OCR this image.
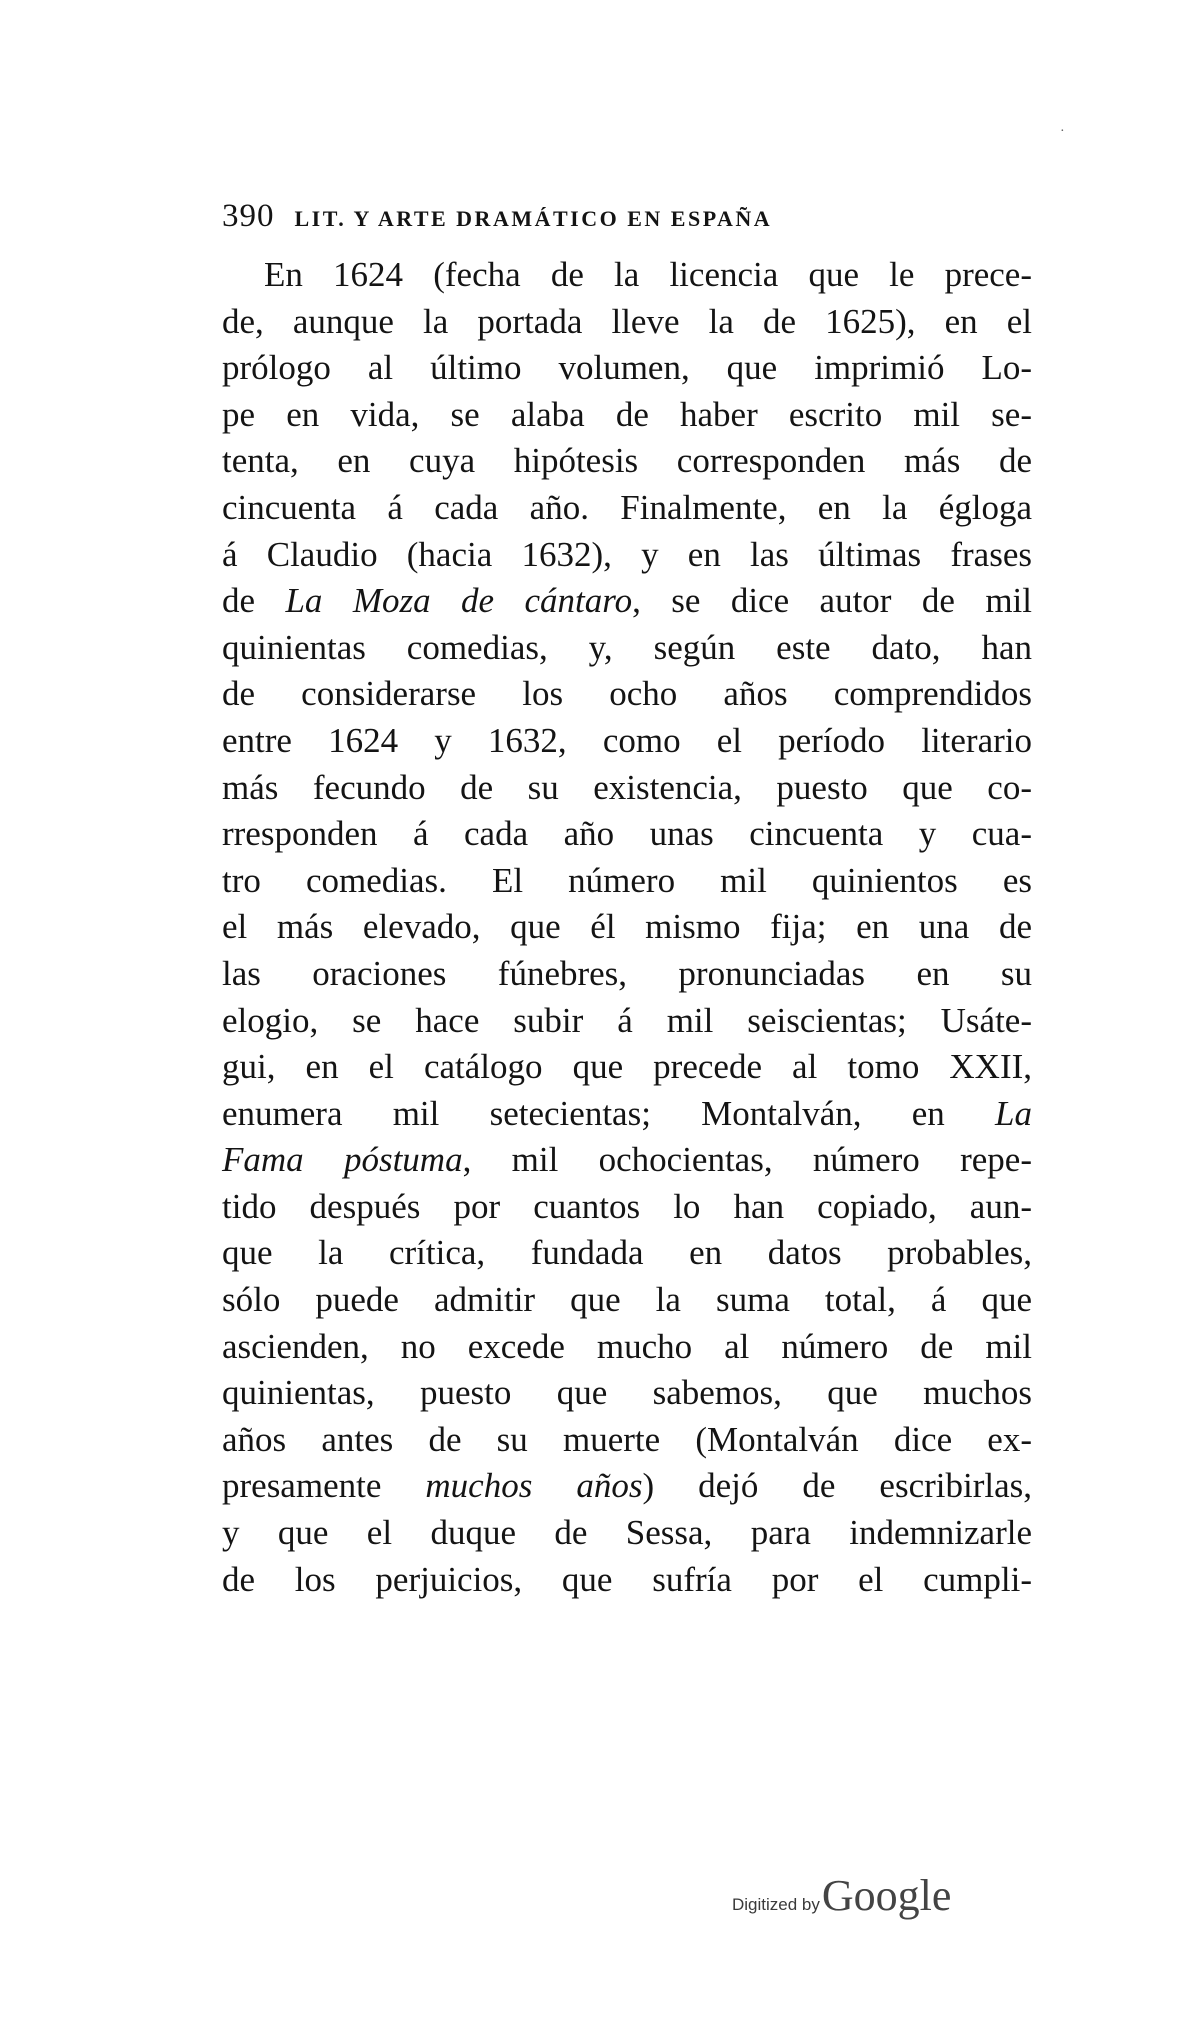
·
390 LIT. Y ARTE DRAMÁTICO EN ESPAÑA
En 1624 (fecha de la licencia que le prece-
de, aunque la portada lleve la de 1625), en el
prólogo al último volumen, que imprimió Lo-
pe en vida, se alaba de haber escrito mil se-
tenta, en cuya hipótesis corresponden más de
cincuenta á cada año. Finalmente, en la égloga
á Claudio (hacia 1632), y en las últimas frases
de La Moza de cántaro, se dice autor de mil
quinientas comedias, y, según este dato, han
de considerarse los ocho años comprendidos
entre 1624 y 1632, como el período literario
más fecundo de su existencia, puesto que co-
rresponden á cada año unas cincuenta y cua-
tro comedias. El número mil quinientos es
el más elevado, que él mismo fija; en una de
las oraciones fúnebres, pronunciadas en su
elogio, se hace subir á mil seiscientas; Usáte-
gui, en el catálogo que precede al tomo XXII,
enumera mil setecientas; Montalván, en La
Fama póstuma, mil ochocientas, número repe-
tido después por cuantos lo han copiado, aun-
que la crítica, fundada en datos probables,
sólo puede admitir que la suma total, á que
ascienden, no excede mucho al número de mil
quinientas, puesto que sabemos, que muchos
años antes de su muerte (Montalván dice ex-
presamente muchos años) dejó de escribirlas,
y que el duque de Sessa, para indemnizarle
de los perjuicios, que sufría por el cumpli-
Digitized byGoogle
